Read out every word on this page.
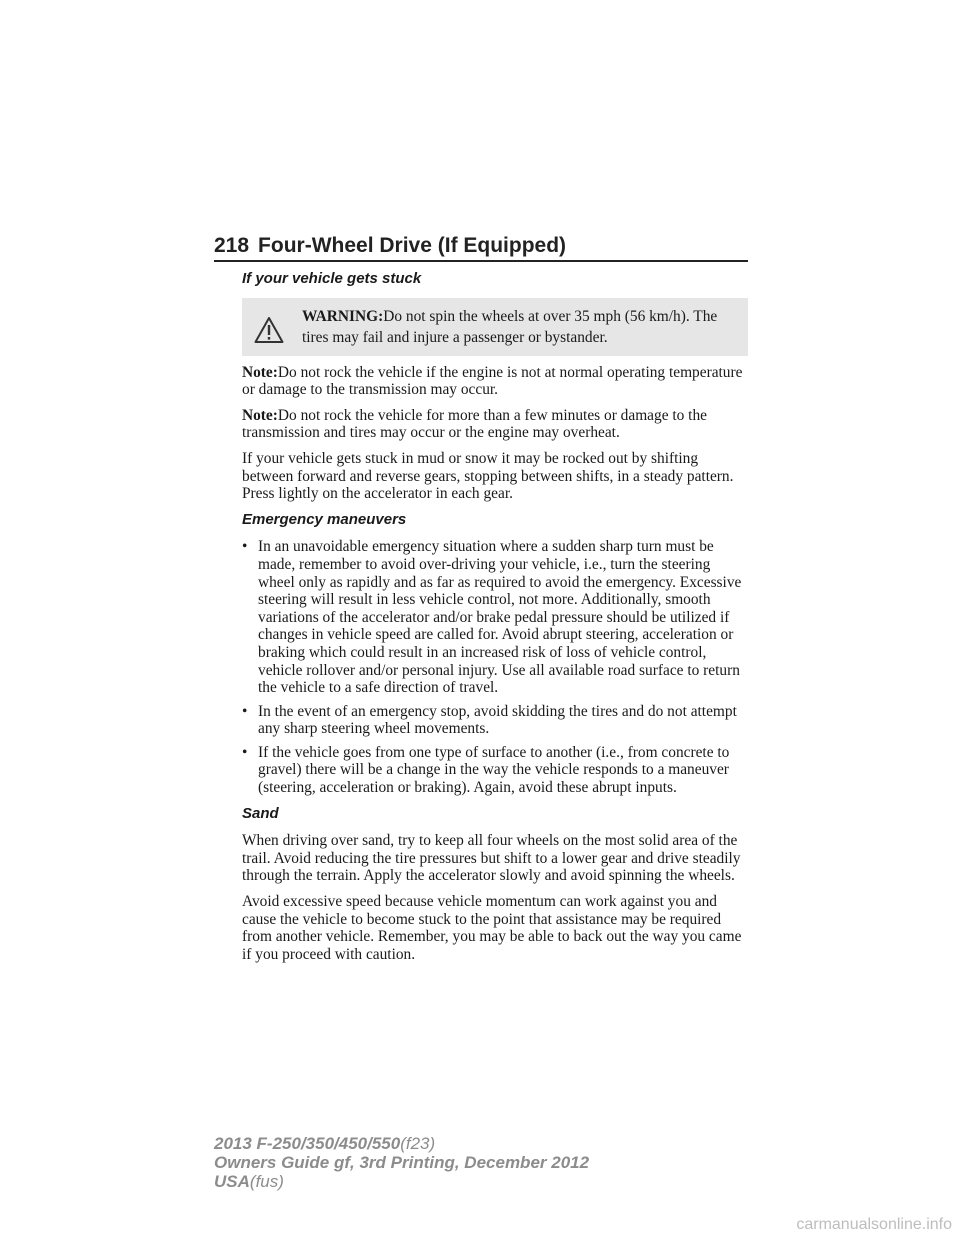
218 Four-Wheel Drive (If Equipped)
If your vehicle gets stuck
WARNING:Do not spin the wheels at over 35 mph (56 km/h). The tires may fail and injure a passenger or bystander.

Note:Do not rock the vehicle if the engine is not at normal operating temperature or damage to the transmission may occur.

Note:Do not rock the vehicle for more than a few minutes or damage to the transmission and tires may occur or the engine may overheat.

If your vehicle gets stuck in mud or snow it may be rocked out by shifting between forward and reverse gears, stopping between shifts, in a steady pattern. Press lightly on the accelerator in each gear.

Emergency maneuvers
• In an unavoidable emergency situation where a sudden sharp turn must be made, remember to avoid over-driving your vehicle, i.e., turn the steering wheel only as rapidly and as far as required to avoid the emergency. Excessive steering will result in less vehicle control, not more. Additionally, smooth variations of the accelerator and/or brake pedal pressure should be utilized if changes in vehicle speed are called for. Avoid abrupt steering, acceleration or braking which could result in an increased risk of loss of vehicle control, vehicle rollover and/or personal injury. Use all available road surface to return the vehicle to a safe direction of travel.
• In the event of an emergency stop, avoid skidding the tires and do not attempt any sharp steering wheel movements.
• If the vehicle goes from one type of surface to another (i.e., from concrete to gravel) there will be a change in the way the vehicle responds to a maneuver (steering, acceleration or braking). Again, avoid these abrupt inputs.
Sand

When driving over sand, try to keep all four wheels on the most solid area of the trail. Avoid reducing the tire pressures but shift to a lower gear and drive steadily through the terrain. Apply the accelerator slowly and avoid spinning the wheels.

Avoid excessive speed because vehicle momentum can work against you and cause the vehicle to become stuck to the point that assistance may be required from another vehicle. Remember, you may be able to back out the way you came if you proceed with caution.

2013 F-250/350/450/550(f23)
Owners Guide gf, 3rd Printing, December 2012
USA(fus)
carmanualsonline.info
